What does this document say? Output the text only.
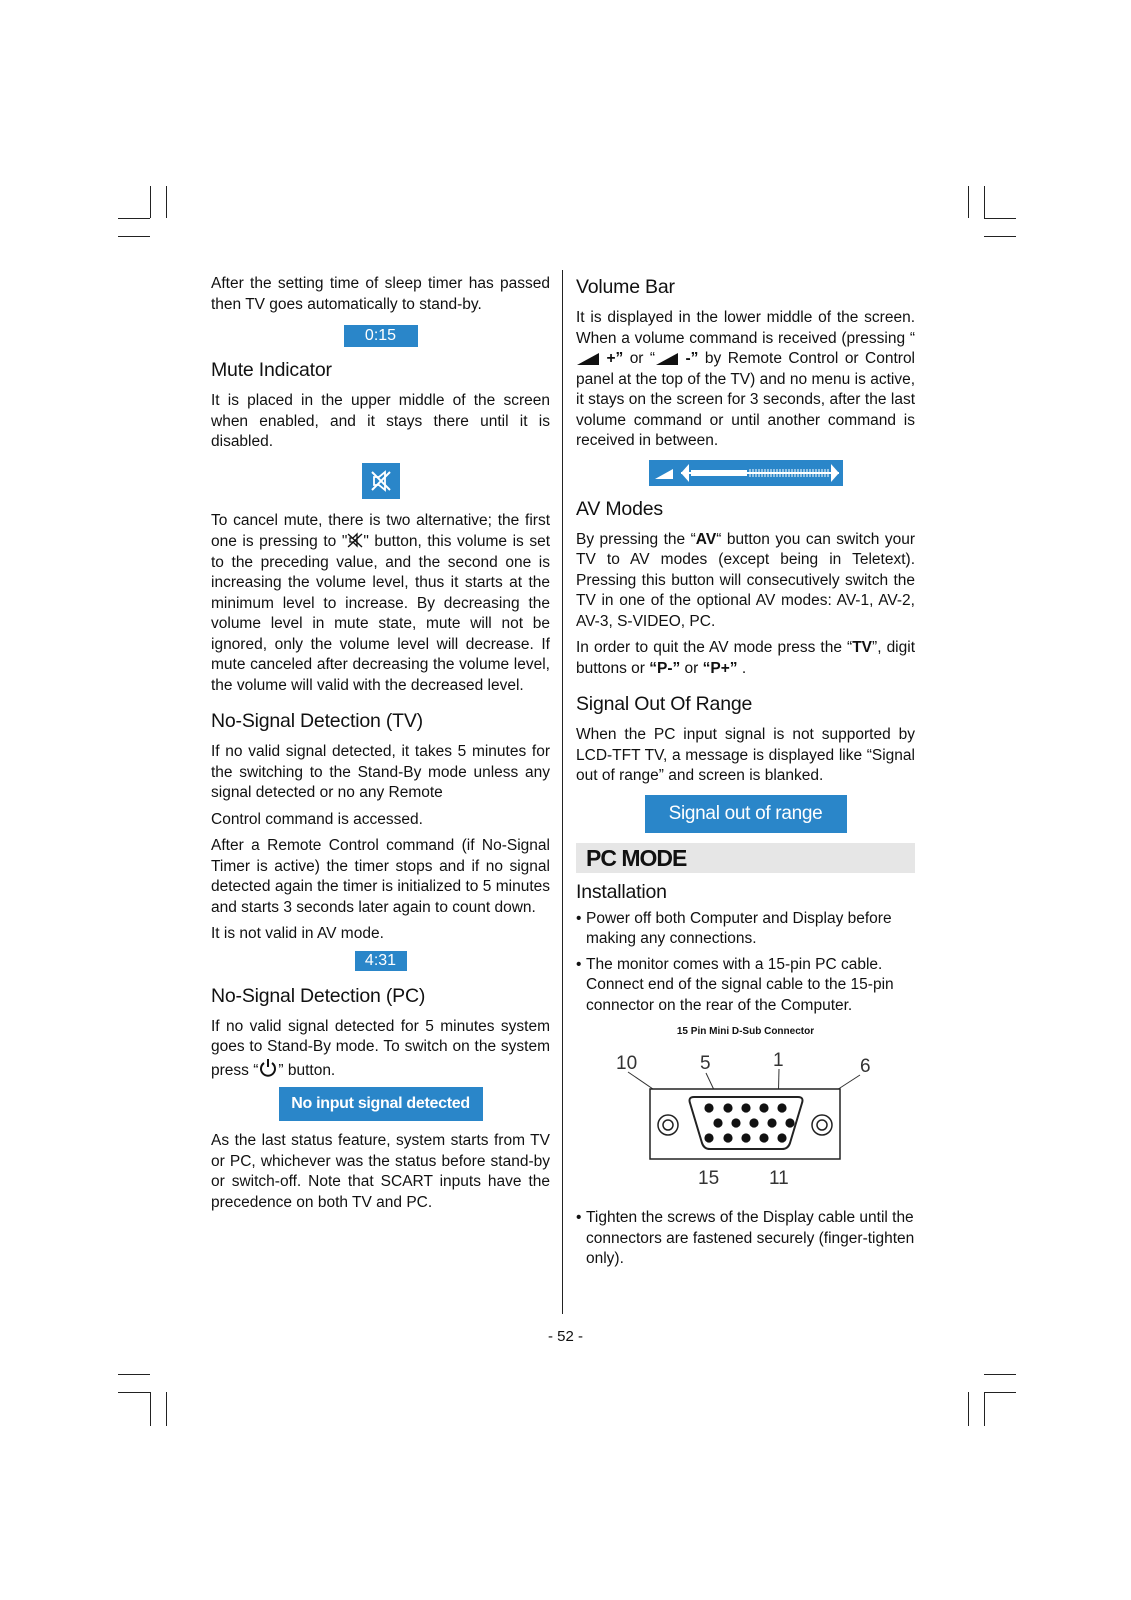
After the setting time of sleep timer has passed then TV goes automatically to stand-by.

0:15
Mute Indicator

It is placed in the upper middle of the screen when enabled, and it stays there until it is disabled.

To cancel mute, there is two alternative; the first one is pressing to " " button, this volume is set to the preceding value, and the second one is increasing the volume level, thus it starts at the minimum level to increase. By decreasing the volume level in mute state, mute will not be ignored, only the volume level will decrease. If mute canceled after decreasing the volume level, the volume will valid with the decreased level.

No-Signal Detection (TV)

If no valid signal detected, it takes 5 minutes for the switching to the Stand-By mode unless any signal detected or no any Remote

Control command is accessed.

After a Remote Control command (if No-Signal Timer is active) the timer stops and if no signal detected again the timer is initialized to 5 minutes and starts 3 seconds later again to count down.

It is not valid in AV mode.

4:31
No-Signal Detection (PC)

If no valid signal detected for 5 minutes system goes to Stand-By mode. To switch on the system press “ ” button.

No input signal detected

As the last status feature, system starts from TV or PC, whichever was the status before stand-by or switch-off. Note that SCART inputs have the precedence on both TV and PC.

Volume Bar

It is displayed in the lower middle of the screen. When a volume command is received (pressing “ +” or “ -” by Remote Control or Control panel at the top of the TV) and no menu is active, it stays on the screen for 3 seconds, after the last volume command or until another command is received in between.

AV Modes

By pressing the “AV“ button you can switch your TV to AV modes (except being in Teletext). Pressing this button will consecutively switch the TV in one of the optional AV modes: AV-1, AV-2, AV-3, S-VIDEO, PC.

In order to quit the AV mode press the “TV”, digit buttons or “P-” or “P+” .

Signal Out Of Range

When the PC input signal is not supported by LCD-TFT TV, a message is displayed like “Signal out of range” and screen is blanked.

Signal out of range
PC MODE
Installation
• Power off both Computer and Display before making any connections.
• The monitor comes with a 15-pin PC cable. Connect end of the signal cable to the 15-pin connector on the rear of the Computer.
15 Pin Mini D-Sub Connector
10	5	1	6
15	11
• Tighten the screws of the Display cable until the connectors are fastened securely (finger-tighten only).
- 52 -
